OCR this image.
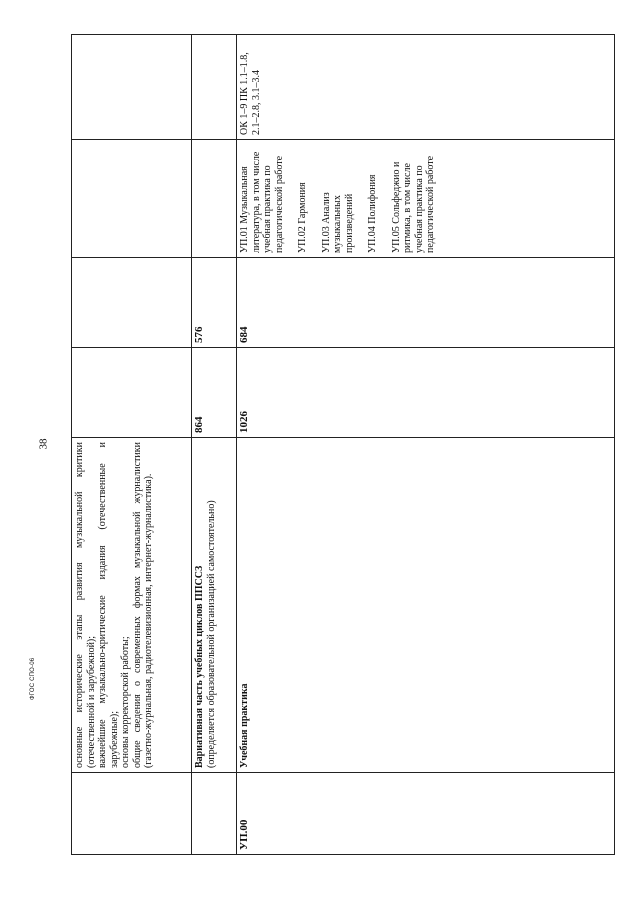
38
ФГОС СПО-06

	основные исторические этапы развития музыкальной критики (отечественной и зарубежной); важнейшие музыкально-критические издания (отечественные и зарубежные); основы корректорской работы; общие сведения о современных формах музыкальной журналистики (газетно-журнальная, радиотелевизионная, интернет-журналистика).				

	Вариативная часть учебных циклов ППССЗ (определяется образовательной организацией самостоятельно)	864	576		
УП.00	Учебная практика	1026	684	УП.01 Музыкальная литература, в том числе учебная практика по педагогической работе УП.02 Гармония УП.03 Анализ музыкальных произведений УП.04 Полифония УП.05 Сольфеджио и ритмика, в том числе учебная практика по педагогической работе	ОК 1–9 ПК 1.1–1.8, 2.1–2.8, 3.1–3.4
